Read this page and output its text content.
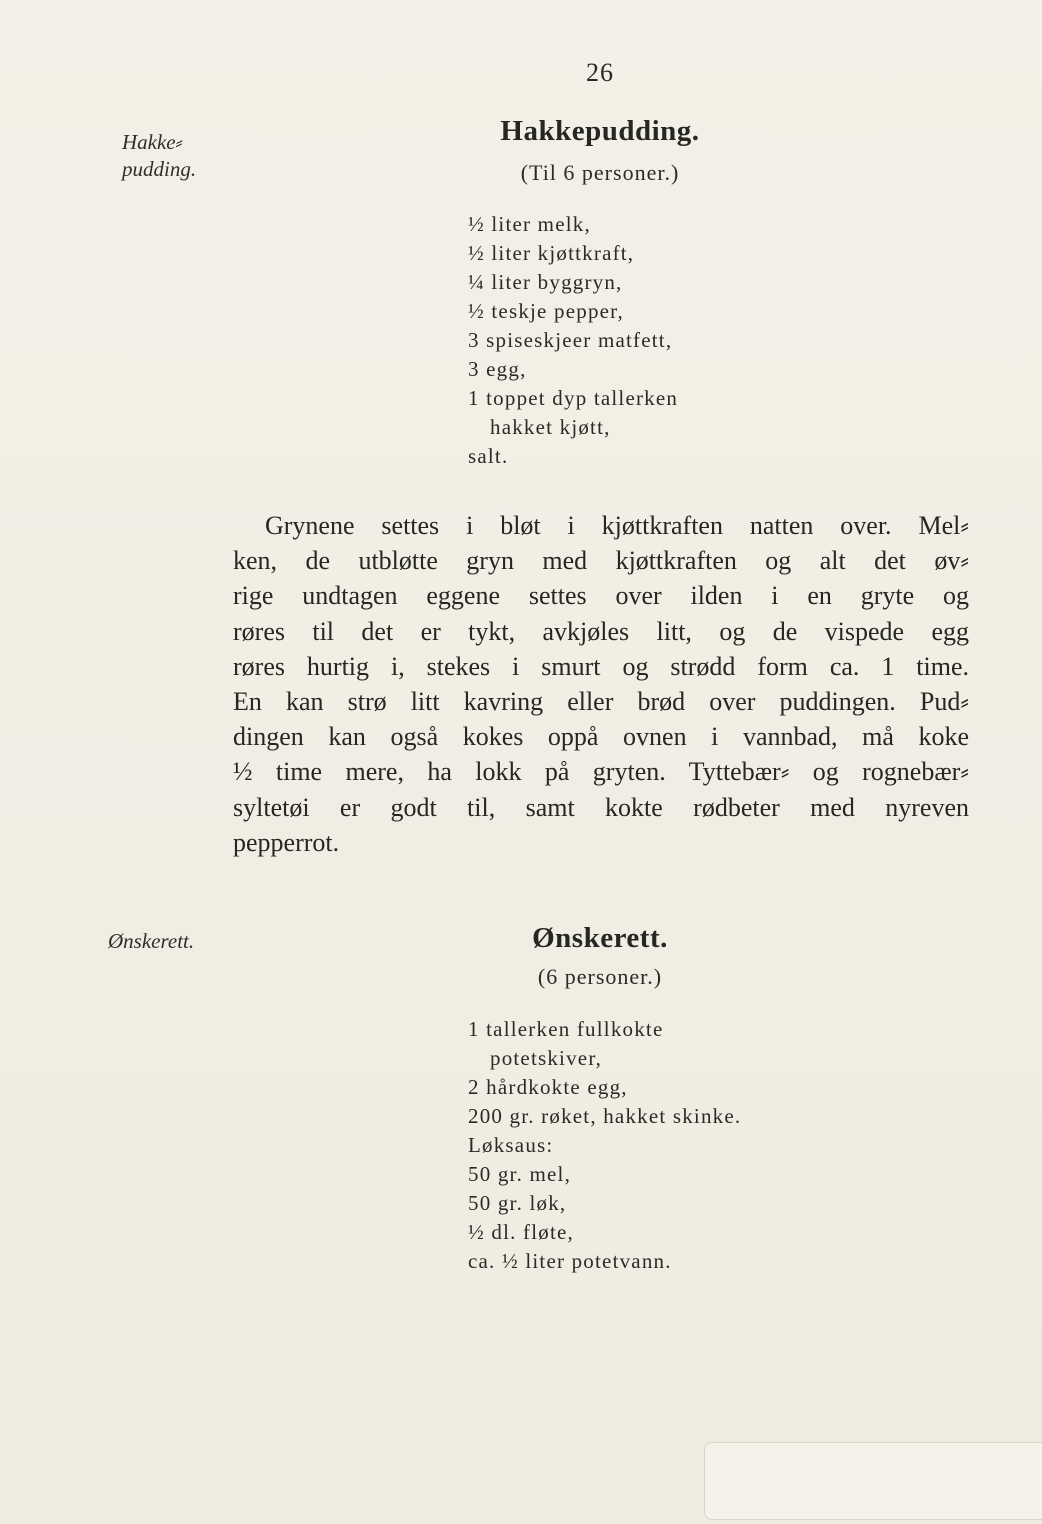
26
Hakke⸗
pudding.
Hakkepudding.
(Til 6 personer.)
½ liter melk,
½ liter kjøttkraft,
¼ liter byggryn,
½ teskje pepper,
3 spiseskjeer matfett,
3 egg,
1 toppet dyp tallerken
hakket kjøtt,
salt.
Grynene settes i bløt i kjøttkraften natten over. Mel⸗
ken, de utbløtte gryn med kjøttkraften og alt det øv⸗
rige undtagen eggene settes over ilden i en gryte og
røres til det er tykt, avkjøles litt, og de vispede egg
røres hurtig i, stekes i smurt og strødd form ca. 1 time.
En kan strø litt kavring eller brød over puddingen. Pud⸗
dingen kan også kokes oppå ovnen i vannbad, må koke
½ time mere, ha lokk på gryten. Tyttebær⸗ og rognebær⸗
syltetøi er godt til, samt kokte rødbeter med nyreven
pepperrot.
Ønskerett.	Ønskerett.
(6 personer.)
1 tallerken fullkokte
potetskiver,
2 hårdkokte egg,
200 gr. røket, hakket skinke.
Løksaus:
50 gr. mel,
50 gr. løk,
½ dl. fløte,
ca. ½ liter potetvann.
